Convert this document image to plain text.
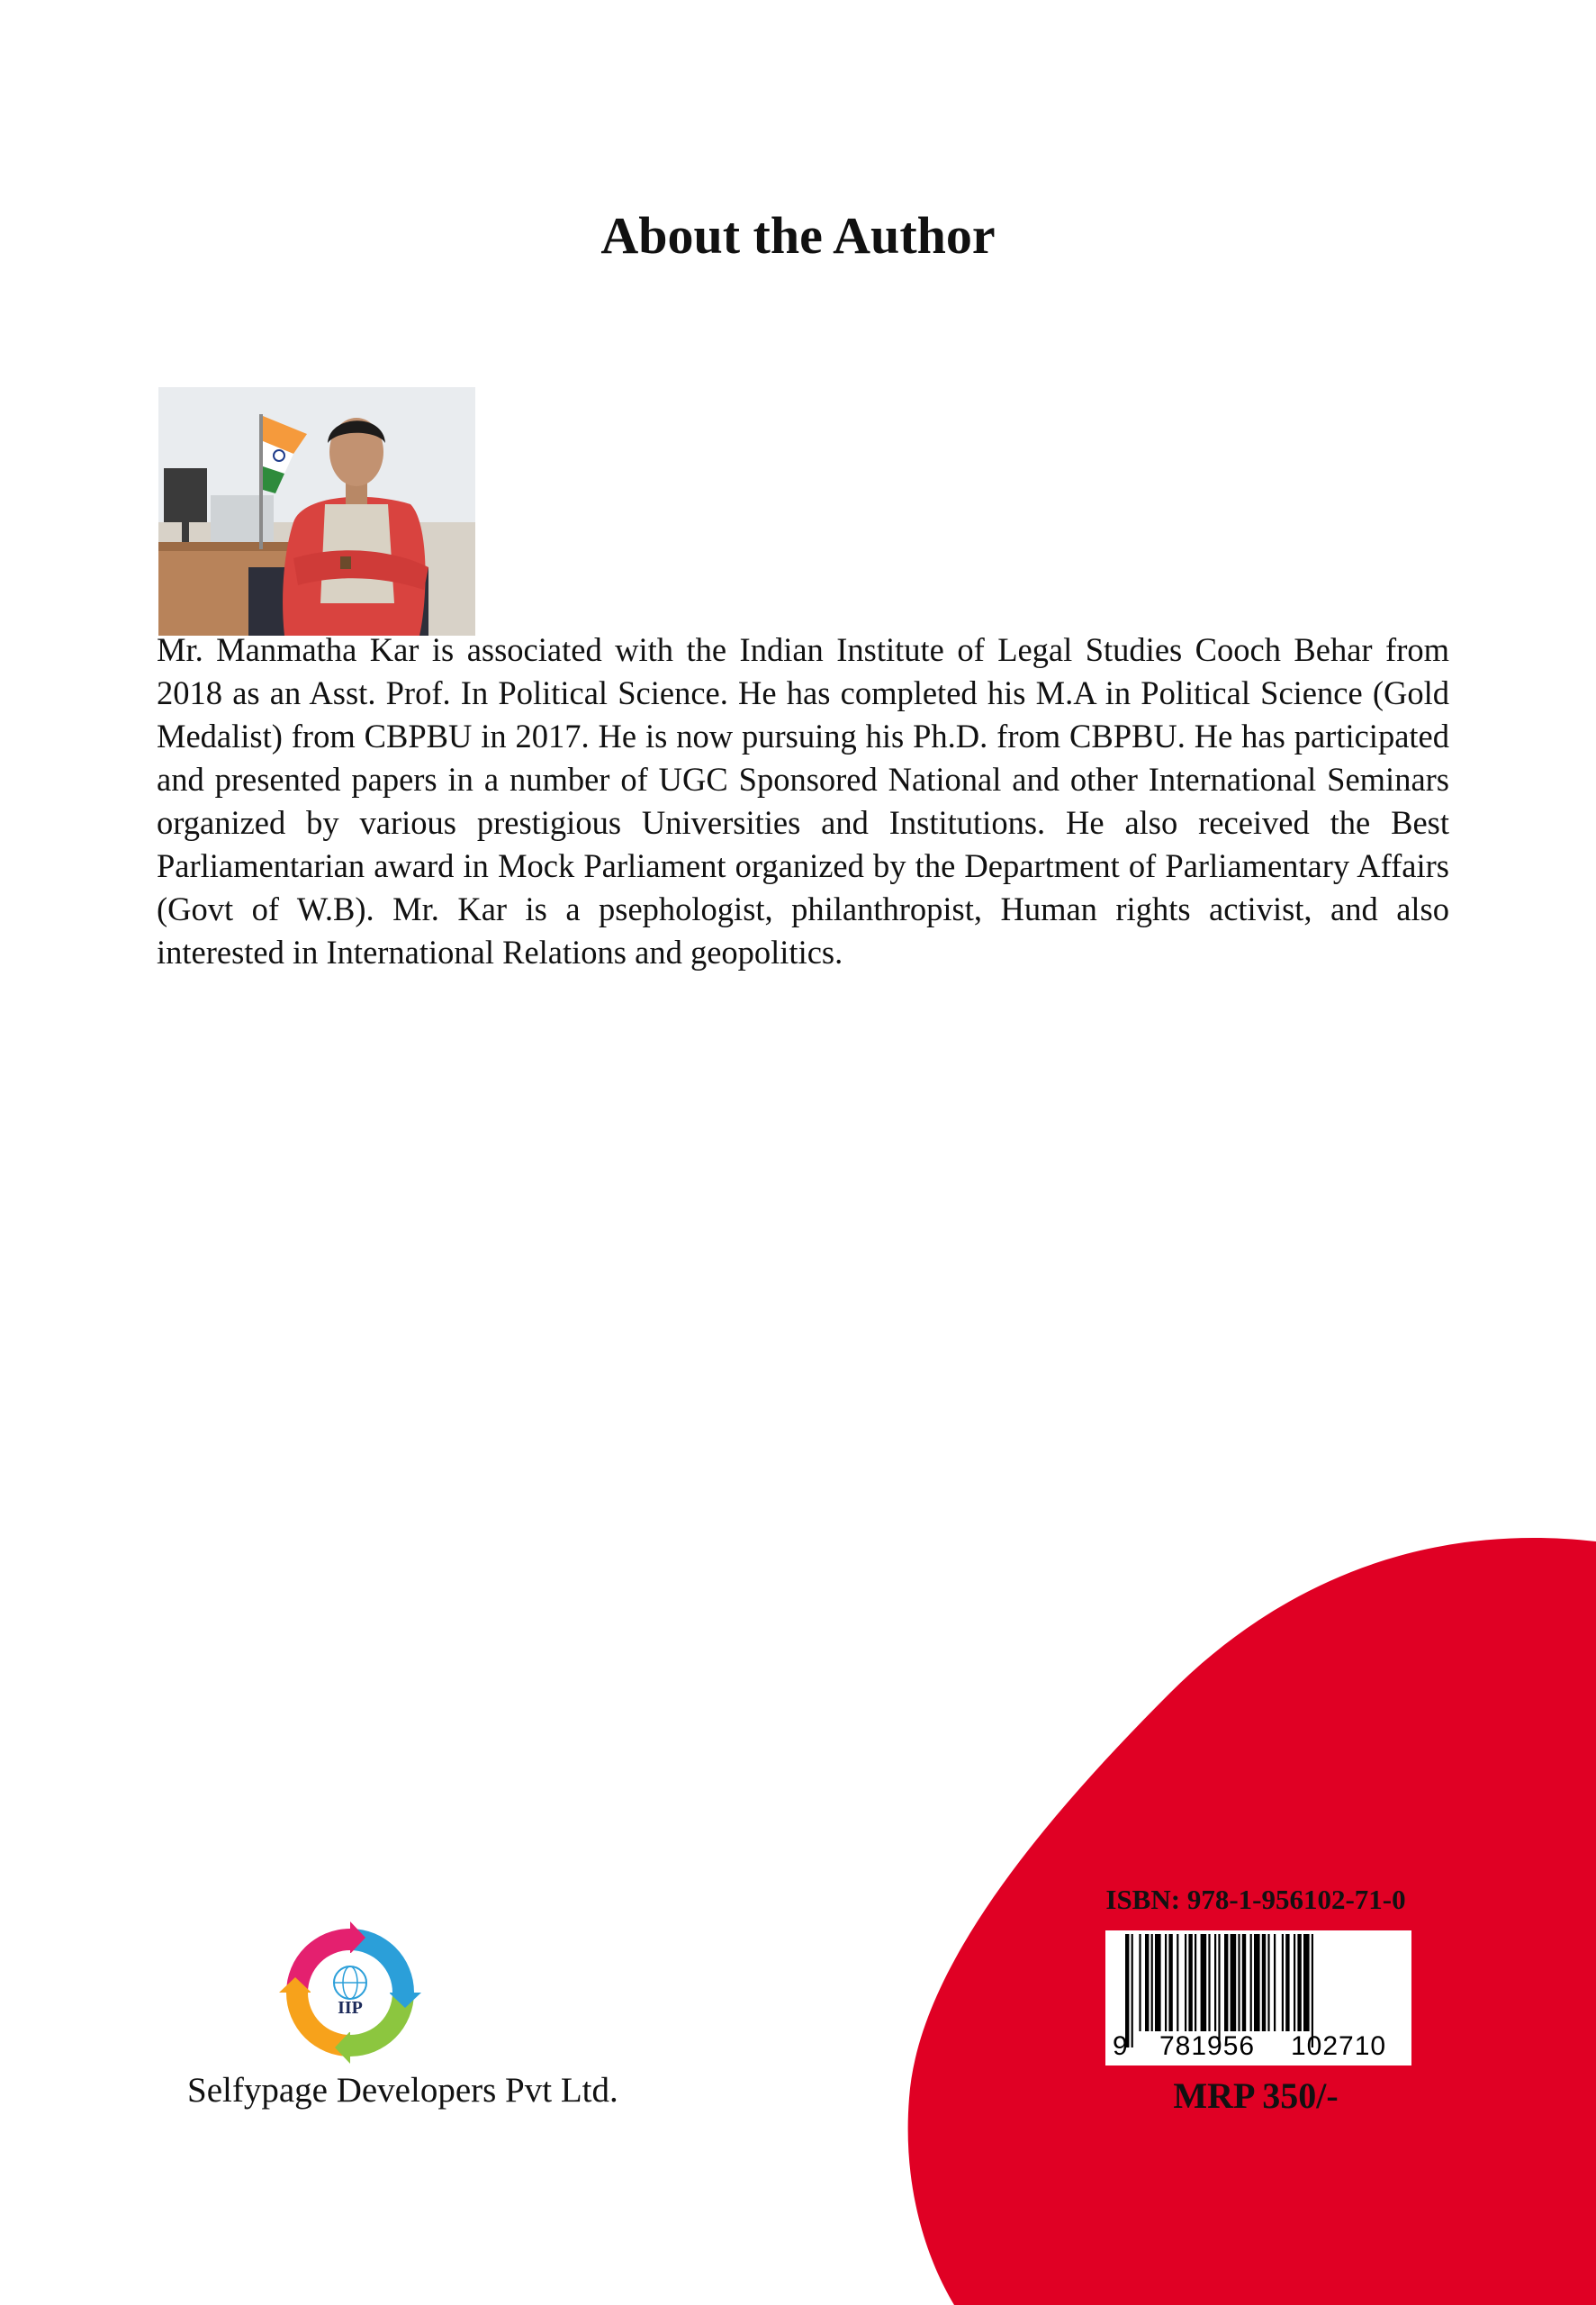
About the Author

Mr. Manmatha Kar is associated with the Indian Institute of Legal Studies Cooch Behar from 2018 as an Asst. Prof. In Political Science. He has completed his M.A in Political Science (Gold Medalist) from CBPBU in 2017. He is now pursuing his Ph.D. from CBPBU. He has participated and presented papers in a number of UGC Sponsored National and other International Seminars organized by various prestigious Universities and Institutions. He also received the Best Parliamentarian award in Mock Parliament organized by the Department of Parliamentary Affairs (Govt of W.B). Mr. Kar is a psephologist, philanthropist, Human rights activist, and also interested in International Relations and geopolitics.

IIP

Selfypage Developers Pvt Ltd.

ISBN: 978-1-956102-71-0

9 781956 102710

MRP 350/-
